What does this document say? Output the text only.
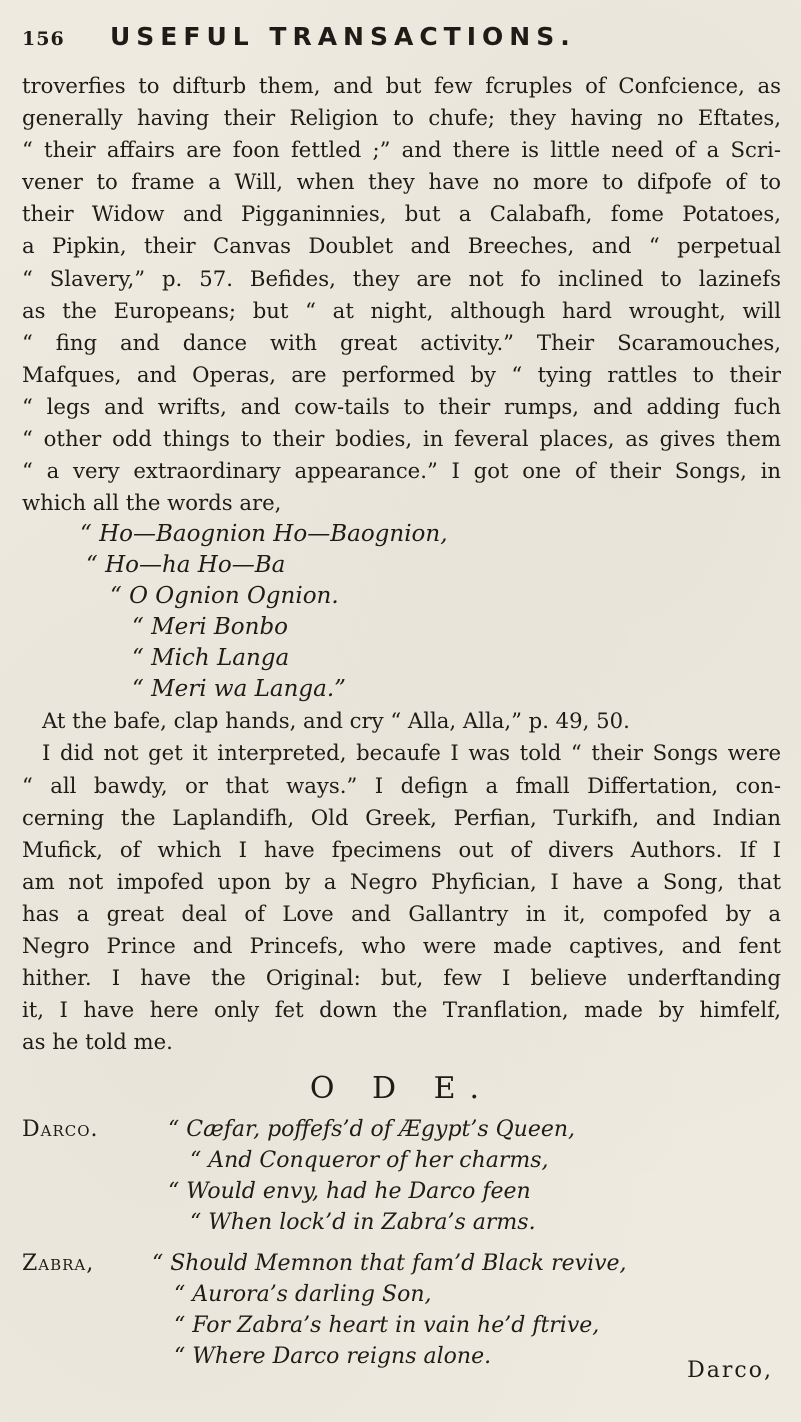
156	USEFUL TRANSACTIONS.
troverfies to difturb them, and but few fcruples of Confcience, as
generally having their Religion to chufe; they having no Eftates,
“ their affairs are foon fettled ;” and there is little need of a Scri-
vener to frame a Will, when they have no more to difpofe of to
their Widow and Pigganinnies, but a Calabafh, fome Potatoes,
a Pipkin, their Canvas Doublet and Breeches, and “ perpetual
“ Slavery,” p. 57. Befides, they are not fo inclined to lazinefs
as the Europeans; but “ at night, although hard wrought, will
“ fing and dance with great activity.” Their Scaramouches,
Mafques, and Operas, are performed by “ tying rattles to their
“ legs and wrifts, and cow-tails to their rumps, and adding fuch
“ other odd things to their bodies, in feveral places, as gives them
“ a very extraordinary appearance.” I got one of their Songs, in
which all the words are,
“ Ho—Baognion Ho—Baognion,
“ Ho—ha Ho—Ba
“ O Ognion Ognion.
“ Meri Bonbo
“ Mich Langa
“ Meri wa Langa.”
At the bafe, clap hands, and cry “ Alla, Alla,” p. 49, 50.
I did not get it interpreted, becaufe I was told “ their Songs were
“ all bawdy, or that ways.” I defign a fmall Differtation, con-
cerning the Laplandifh, Old Greek, Perfian, Turkifh, and Indian
Mufick, of which I have fpecimens out of divers Authors. If I
am not impofed upon by a Negro Phyfician, I have a Song, that
has a great deal of Love and Gallantry in it, compofed by a
Negro Prince and Princefs, who were made captives, and fent
hither. I have the Original: but, few I believe underftanding
it, I have here only fet down the Tranflation, made by himfelf,
as he told me.
O D E.
Darco.	“ Cæfar, poffefs’d of Ægypt’s Queen,
“ And Conqueror of her charms,
“ Would envy, had he Darco feen
“ When lock’d in Zabra’s arms.
Zabra,	“ Should Memnon that fam’d Black revive,
“ Aurora’s darling Son,
“ For Zabra’s heart in vain he’d ftrive,
“ Where Darco reigns alone.
Darco,
